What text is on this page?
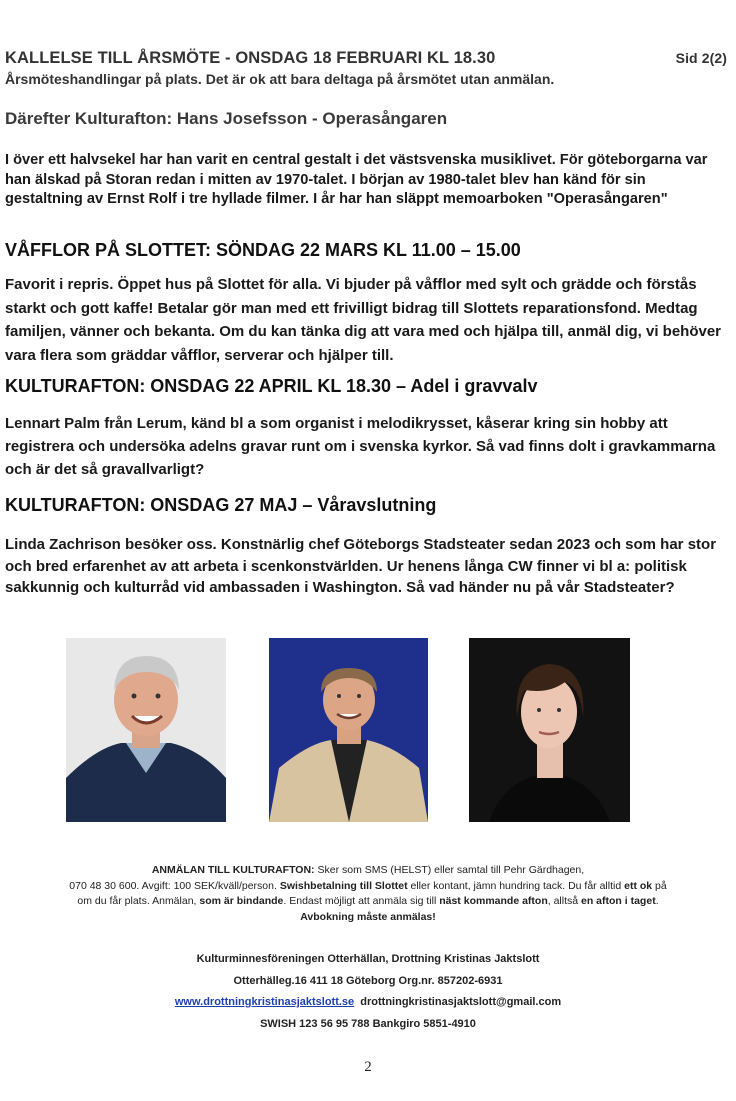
KALLELSE TILL ÅRSMÖTE - ONSDAG 18 FEBRUARI KL 18.30	Sid 2(2)
Årsmöteshandlingar på plats. Det är ok att bara deltaga på årsmötet utan anmälan.
Därefter Kulturafton: Hans Josefsson - Operasångaren
I över ett halvsekel har han varit en central gestalt i det västsvenska musiklivet. För göteborgarna var han älskad på Storan redan i mitten av 1970-talet. I början av 1980-talet blev han känd för sin gestaltning av Ernst Rolf i tre hyllade filmer. I år har han släppt memoarboken "Operasångaren"
VÅFFLOR PÅ SLOTTET: SÖNDAG 22 MARS KL 11.00 – 15.00
Favorit i repris. Öppet hus på Slottet för alla. Vi bjuder på våfflor med sylt och grädde och förstås starkt och gott kaffe! Betalar gör man med ett frivilligt bidrag till Slottets reparationsfond. Medtag familjen, vänner och bekanta. Om du kan tänka dig att vara med och hjälpa till, anmäl dig, vi behöver vara flera som gräddar våfflor, serverar och hjälper till.
KULTURAFTON: ONSDAG 22 APRIL KL 18.30 – Adel i gravvalv
Lennart Palm från Lerum, känd bl a som organist i melodikrysset, kåserar kring sin hobby att registrera och undersöka adelns gravar runt om i svenska kyrkor. Så vad finns dolt i gravkammarna och är det så gravallvarligt?
KULTURAFTON: ONSDAG 27 MAJ – Våravslutning
Linda Zachrison besöker oss. Konstnärlig chef Göteborgs Stadsteater sedan 2023 och som har stor och bred erfarenhet av att arbeta i scenkonstvärlden. Ur henens långa CW finner vi bl a: politisk sakkunnig och kulturråd vid ambassaden i Washington. Så vad händer nu på vår Stadsteater?
ANMÄLAN TILL KULTURAFTON: Sker som SMS (HELST) eller samtal till Pehr Gärdhagen,
070 48 30 600. Avgift: 100 SEK/kväll/person. Swishbetalning till Slottet eller kontant, jämn hundring tack. Du får alltid ett ok på
om du får plats. Anmälan, som är bindande. Endast möjligt att anmäla sig till näst kommande afton, alltså en afton i taget.
Avbokning måste anmälas!
Kulturminnesföreningen Otterhällan, Drottning Kristinas Jaktslott
Otterhälleg.16 411 18 Göteborg Org.nr. 857202-6931
www.drottningkristinasjaktslott.se drottningkristinasjaktslott@gmail.com
SWISH 123 56 95 788 Bankgiro 5851-4910
2
